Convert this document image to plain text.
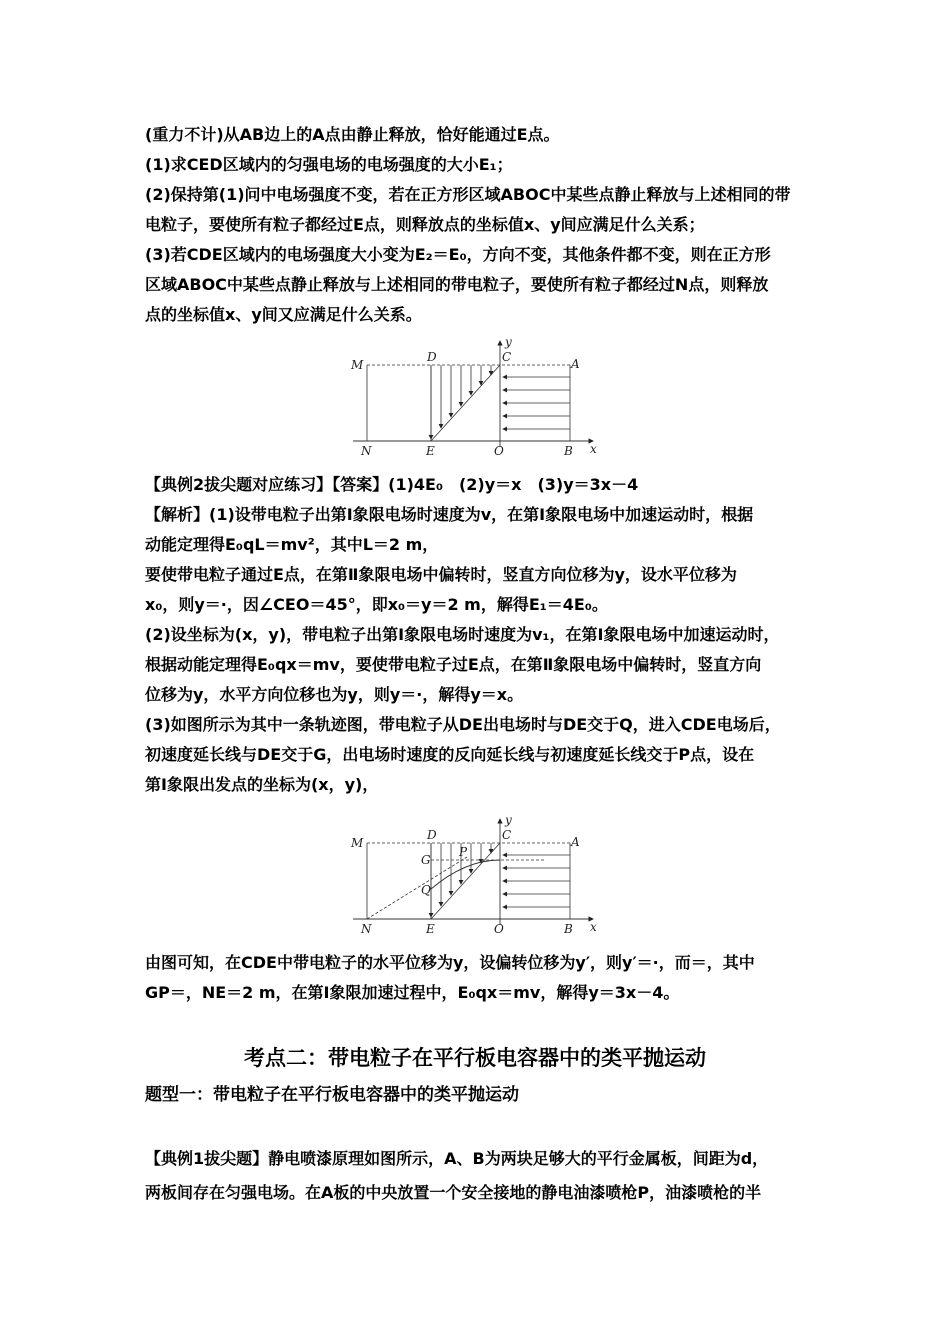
(重力不计)从AB边上的A点由静止释放，恰好能通过E点。
(1)求CED区域内的匀强电场的电场强度的大小E₁；
(2)保持第(1)问中电场强度不变，若在正方形区域ABOC中某些点静止释放与上述相同的带
电粒子，要使所有粒子都经过E点，则释放点的坐标值x、y间应满足什么关系；
(3)若CDE区域内的电场强度大小变为E₂＝E₀，方向不变，其他条件都不变，则在正方形
区域ABOC中某些点静止释放与上述相同的带电粒子，要使所有粒子都经过N点，则释放
点的坐标值x、y间又应满足什么关系。
M
D	C	A
N	E	O	B x
y
【典例2拔尖题对应练习】【答案】(1)4E₀　(2)y＝x　(3)y＝3x－4
【解析】(1)设带电粒子出第Ⅰ象限电场时速度为v，在第Ⅰ象限电场中加速运动时，根据
动能定理得E₀qL＝mv²，其中L＝2 m，
要使带电粒子通过E点，在第Ⅱ象限电场中偏转时，竖直方向位移为y，设水平位移为
x₀，则y＝·，因∠CEO＝45°，即x₀＝y＝2 m，解得E₁＝4E₀。
(2)设坐标为(x，y)，带电粒子出第Ⅰ象限电场时速度为v₁，在第Ⅰ象限电场中加速运动时，
根据动能定理得E₀qx＝mv，要使带电粒子过E点，在第Ⅱ象限电场中偏转时，竖直方向
位移为y，水平方向位移也为y，则y＝·，解得y＝x。
(3)如图所示为其中一条轨迹图，带电粒子从DE出电场时与DE交于Q，进入CDE电场后，
初速度延长线与DE交于G，出电场时速度的反向延长线与初速度延长线交于P点，设在
第Ⅰ象限出发点的坐标为(x，y)，
M
D	C	A
G
P
Q
N	E	O	B x
y
由图可知，在CDE中带电粒子的水平位移为y，设偏转位移为y′，则y′＝·，而＝，其中
GP＝，NE＝2 m，在第Ⅰ象限加速过程中，E₀qx＝mv，解得y＝3x－4。
考点二：带电粒子在平行板电容器中的类平抛运动
题型一：带电粒子在平行板电容器中的类平抛运动
【典例1拔尖题】静电喷漆原理如图所示，A、B为两块足够大的平行金属板，间距为d，
两板间存在匀强电场。在A板的中央放置一个安全接地的静电油漆喷枪P，油漆喷枪的半
